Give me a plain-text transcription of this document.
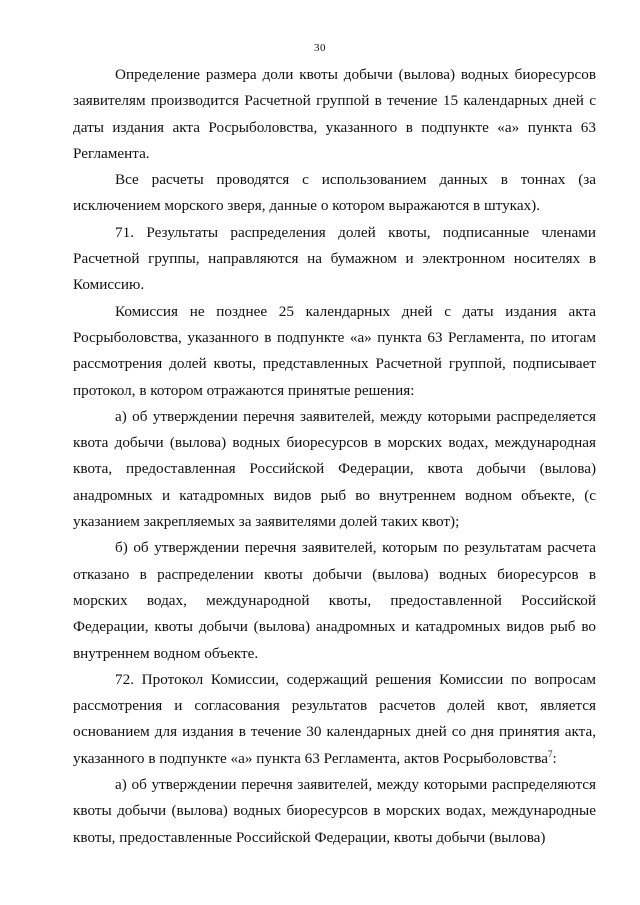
30

Определение размера доли квоты добычи (вылова) водных биоресурсов заявителям производится Расчетной группой в течение 15 календарных дней с даты издания акта Росрыболовства, указанного в подпункте «а» пункта 63 Регламента.

Все расчеты проводятся с использованием данных в тоннах (за исключением морского зверя, данные о котором выражаются в штуках).

71. Результаты распределения долей квоты, подписанные членами Расчетной группы, направляются на бумажном и электронном носителях в Комиссию.

Комиссия не позднее 25 календарных дней с даты издания акта Росрыболовства, указанного в подпункте «а» пункта 63 Регламента, по итогам рассмотрения долей квоты, представленных Расчетной группой, подписывает протокол, в котором отражаются принятые решения:

а) об утверждении перечня заявителей, между которыми распределяется квота добычи (вылова) водных биоресурсов в морских водах, международная квота, предоставленная Российской Федерации, квота добычи (вылова) анадромных и катадромных видов рыб во внутреннем водном объекте, (с указанием закрепляемых за заявителями долей таких квот);

б) об утверждении перечня заявителей, которым по результатам расчета отказано в распределении квоты добычи (вылова) водных биоресурсов в морских водах, международной квоты, предоставленной Российской Федерации, квоты добычи (вылова) анадромных и катадромных видов рыб во внутреннем водном объекте.

72. Протокол Комиссии, содержащий решения Комиссии по вопросам рассмотрения и согласования результатов расчетов долей квот, является основанием для издания в течение 30 календарных дней со дня принятия акта, указанного в подпункте «а» пункта 63 Регламента, актов Росрыболовства$^7$:

а) об утверждении перечня заявителей, между которыми распределяются квоты добычи (вылова) водных биоресурсов в морских водах, международные квоты, предоставленные Российской Федерации, квоты добычи (вылова)
